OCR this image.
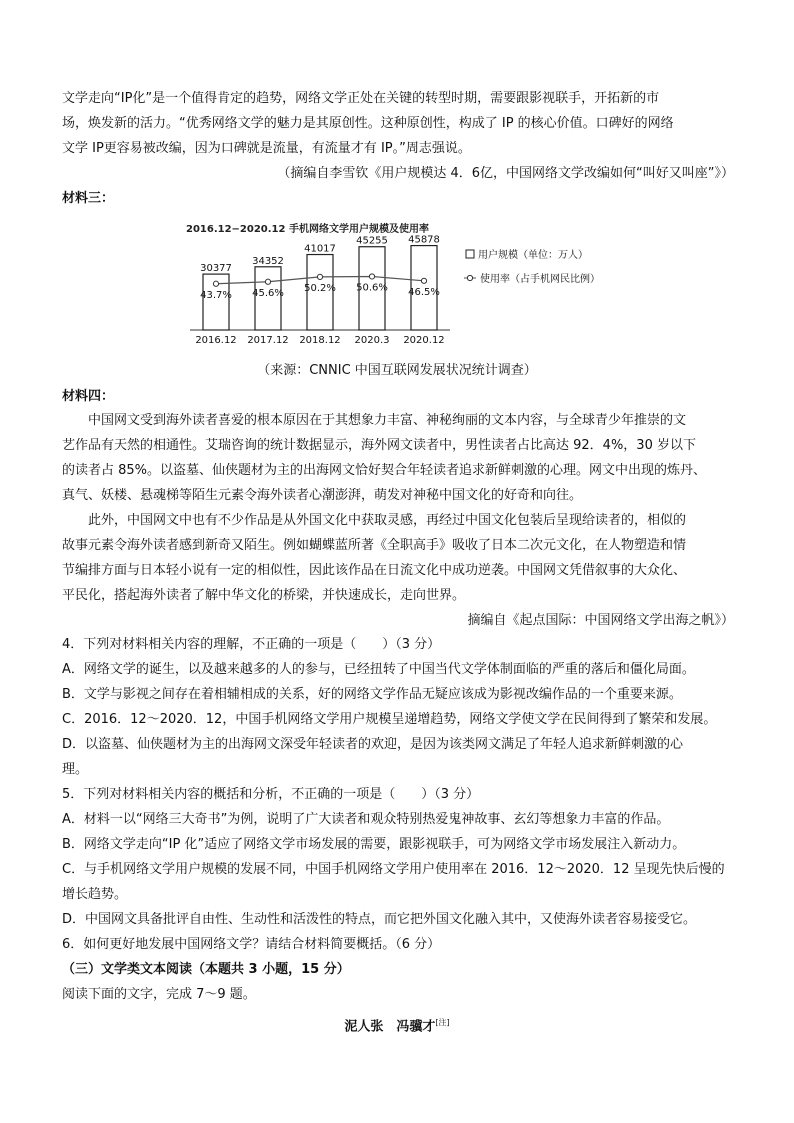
文学走向“IP化”是一个值得肯定的趋势，网络文学正处在关键的转型时期，需要跟影视联手，开拓新的市
场，焕发新的活力。“优秀网络文学的魅力是其原创性。这种原创性，构成了 IP 的核心价值。口碑好的网络
文学 IP更容易被改编，因为口碑就是流量，有流量才有 IP。”周志强说。
（摘编自李雪钦《用户规模达 4．6亿，中国网络文学改编如何“叫好又叫座”》）
材料三：
2016.12−2020.12 手机网络文学用户规模及使用率
30377
2016.12
34352
2017.12
41017
2018.12
45255
2020.3
45878
2020.12
43.7% 45.6% 50.2% 50.6% 46.5%
用户规模（单位：万人）
使用率（占手机网民比例）
（来源：CNNIC 中国互联网发展状况统计调查）
材料四：
中国网文受到海外读者喜爱的根本原因在于其想象力丰富、神秘绚丽的文本内容，与全球青少年推崇的文
艺作品有天然的相通性。艾瑞咨询的统计数据显示，海外网文读者中，男性读者占比高达 92．4%，30 岁以下
的读者占 85%。以盗墓、仙侠题材为主的出海网文恰好契合年轻读者追求新鲜刺激的心理。网文中出现的炼丹、
真气、妖楼、悬魂梯等陌生元素令海外读者心潮澎湃，萌发对神秘中国文化的好奇和向往。
此外，中国网文中也有不少作品是从外国文化中获取灵感，再经过中国文化包装后呈现给读者的，相似的
故事元素令海外读者感到新奇又陌生。例如蝴蝶蓝所著《全职高手》吸收了日本二次元文化，在人物塑造和情
节编排方面与日本轻小说有一定的相似性，因此该作品在日流文化中成功逆袭。中国网文凭借叙事的大众化、
平民化，搭起海外读者了解中华文化的桥梁，并快速成长，走向世界。
摘编自《起点国际：中国网络文学出海之帆》）
4．下列对材料相关内容的理解，不正确的一项是（　　）（3 分）
A．网络文学的诞生，以及越来越多的人的参与，已经扭转了中国当代文学体制面临的严重的落后和僵化局面。
B．文学与影视之间存在着相辅相成的关系，好的网络文学作品无疑应该成为影视改编作品的一个重要来源。
C．2016．12～2020．12，中国手机网络文学用户规模呈递增趋势，网络文学使文学在民间得到了繁荣和发展。
D．以盗墓、仙侠题材为主的出海网文深受年轻读者的欢迎，是因为该类网文满足了年轻人追求新鲜刺激的心
理。
5．下列对材料相关内容的概括和分析，不正确的一项是（　　）（3 分）
A．材料一以“网络三大奇书”为例，说明了广大读者和观众特别热爱鬼神故事、玄幻等想象力丰富的作品。
B．网络文学走向“IP 化”适应了网络文学市场发展的需要，跟影视联手，可为网络文学市场发展注入新动力。
C．与手机网络文学用户规模的发展不同，中国手机网络文学用户使用率在 2016．12～2020．12 呈现先快后慢的
增长趋势。
D．中国网文具备批评自由性、生动性和活泼性的特点，而它把外国文化融入其中，又使海外读者容易接受它。
6．如何更好地发展中国网络文学？请结合材料简要概括。（6 分）
（三）文学类文本阅读（本题共 3 小题，15 分）
阅读下面的文字，完成 7～9 题。
泥人张　冯骥才[注]
